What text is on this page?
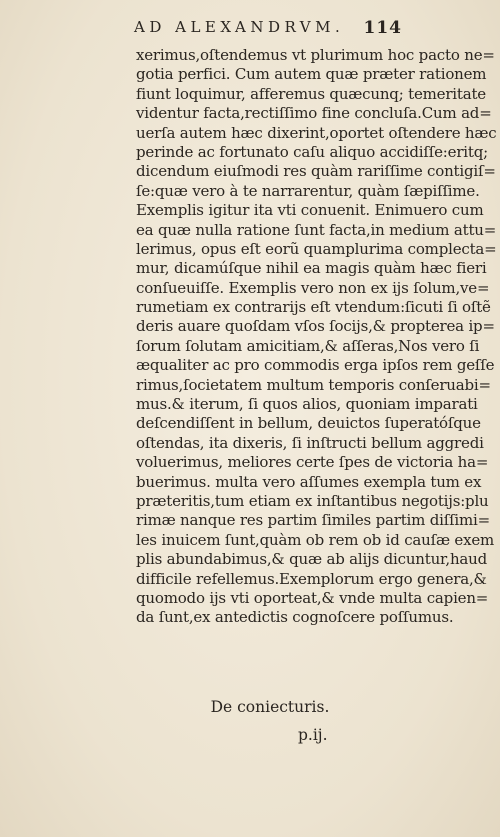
AD ALEXANDRVM. 114
xerimus,oſtendemus vt plurimum hoc pacto ne=
gotia perfici. Cum autem quæ præter rationem
fiunt loquimur, afferemus quæcunq; temeritate
videntur facta,rectiſſimo fine concluſa.Cum ad=
uerſa autem hæc dixerint,oportet oſtendere hæc
perinde ac fortunato caſu aliquo accidiſſe:eritq;
dicendum eiuſmodi res quàm rariſſime contigiſ=
ſe:quæ vero à te narrarentur, quàm ſæpiſſime.
Exemplis igitur ita vti conuenit. Enimuero cum
ea quæ nulla ratione ſunt facta,in medium attu=
lerimus, opus eſt eorũ quamplurima complecta=
mur, dicamúſque nihil ea magis quàm hæc fieri
conſueuiſſe. Exemplis vero non ex ijs ſolum,ve=
rumetiam ex contrarijs eſt vtendum:ſicuti ſi oſtẽ
deris auare quoſdam vſos ſocijs,& propterea ip=
ſorum ſolutam amicitiam,& aſſeras,Nos vero ſi
æqualiter ac pro commodis erga ipſos rem geſſe
rimus,ſocietatem multum temporis conſeruabi=
mus.& iterum, ſi quos alios, quoniam imparati
deſcendiſſent in bellum, deuictos ſuperatóſque
oſtendas, ita dixeris, ſi inſtructi bellum aggredi
voluerimus, meliores certe ſpes de victoria ha=
buerimus. multa vero aſſumes exempla tum ex
præteritis,tum etiam ex inſtantibus negotijs:plu
rimæ nanque res partim ſimiles partim diſſimi=
les inuicem ſunt,quàm ob rem ob id cauſæ exem
plis abundabimus,& quæ ab alijs dicuntur,haud
difficile refellemus.Exemplorum ergo genera,&
quomodo ijs vti oporteat,& vnde multa capien=
da ſunt,ex antedictis cognoſcere poſſumus.
De coniecturis.
p.ij.
